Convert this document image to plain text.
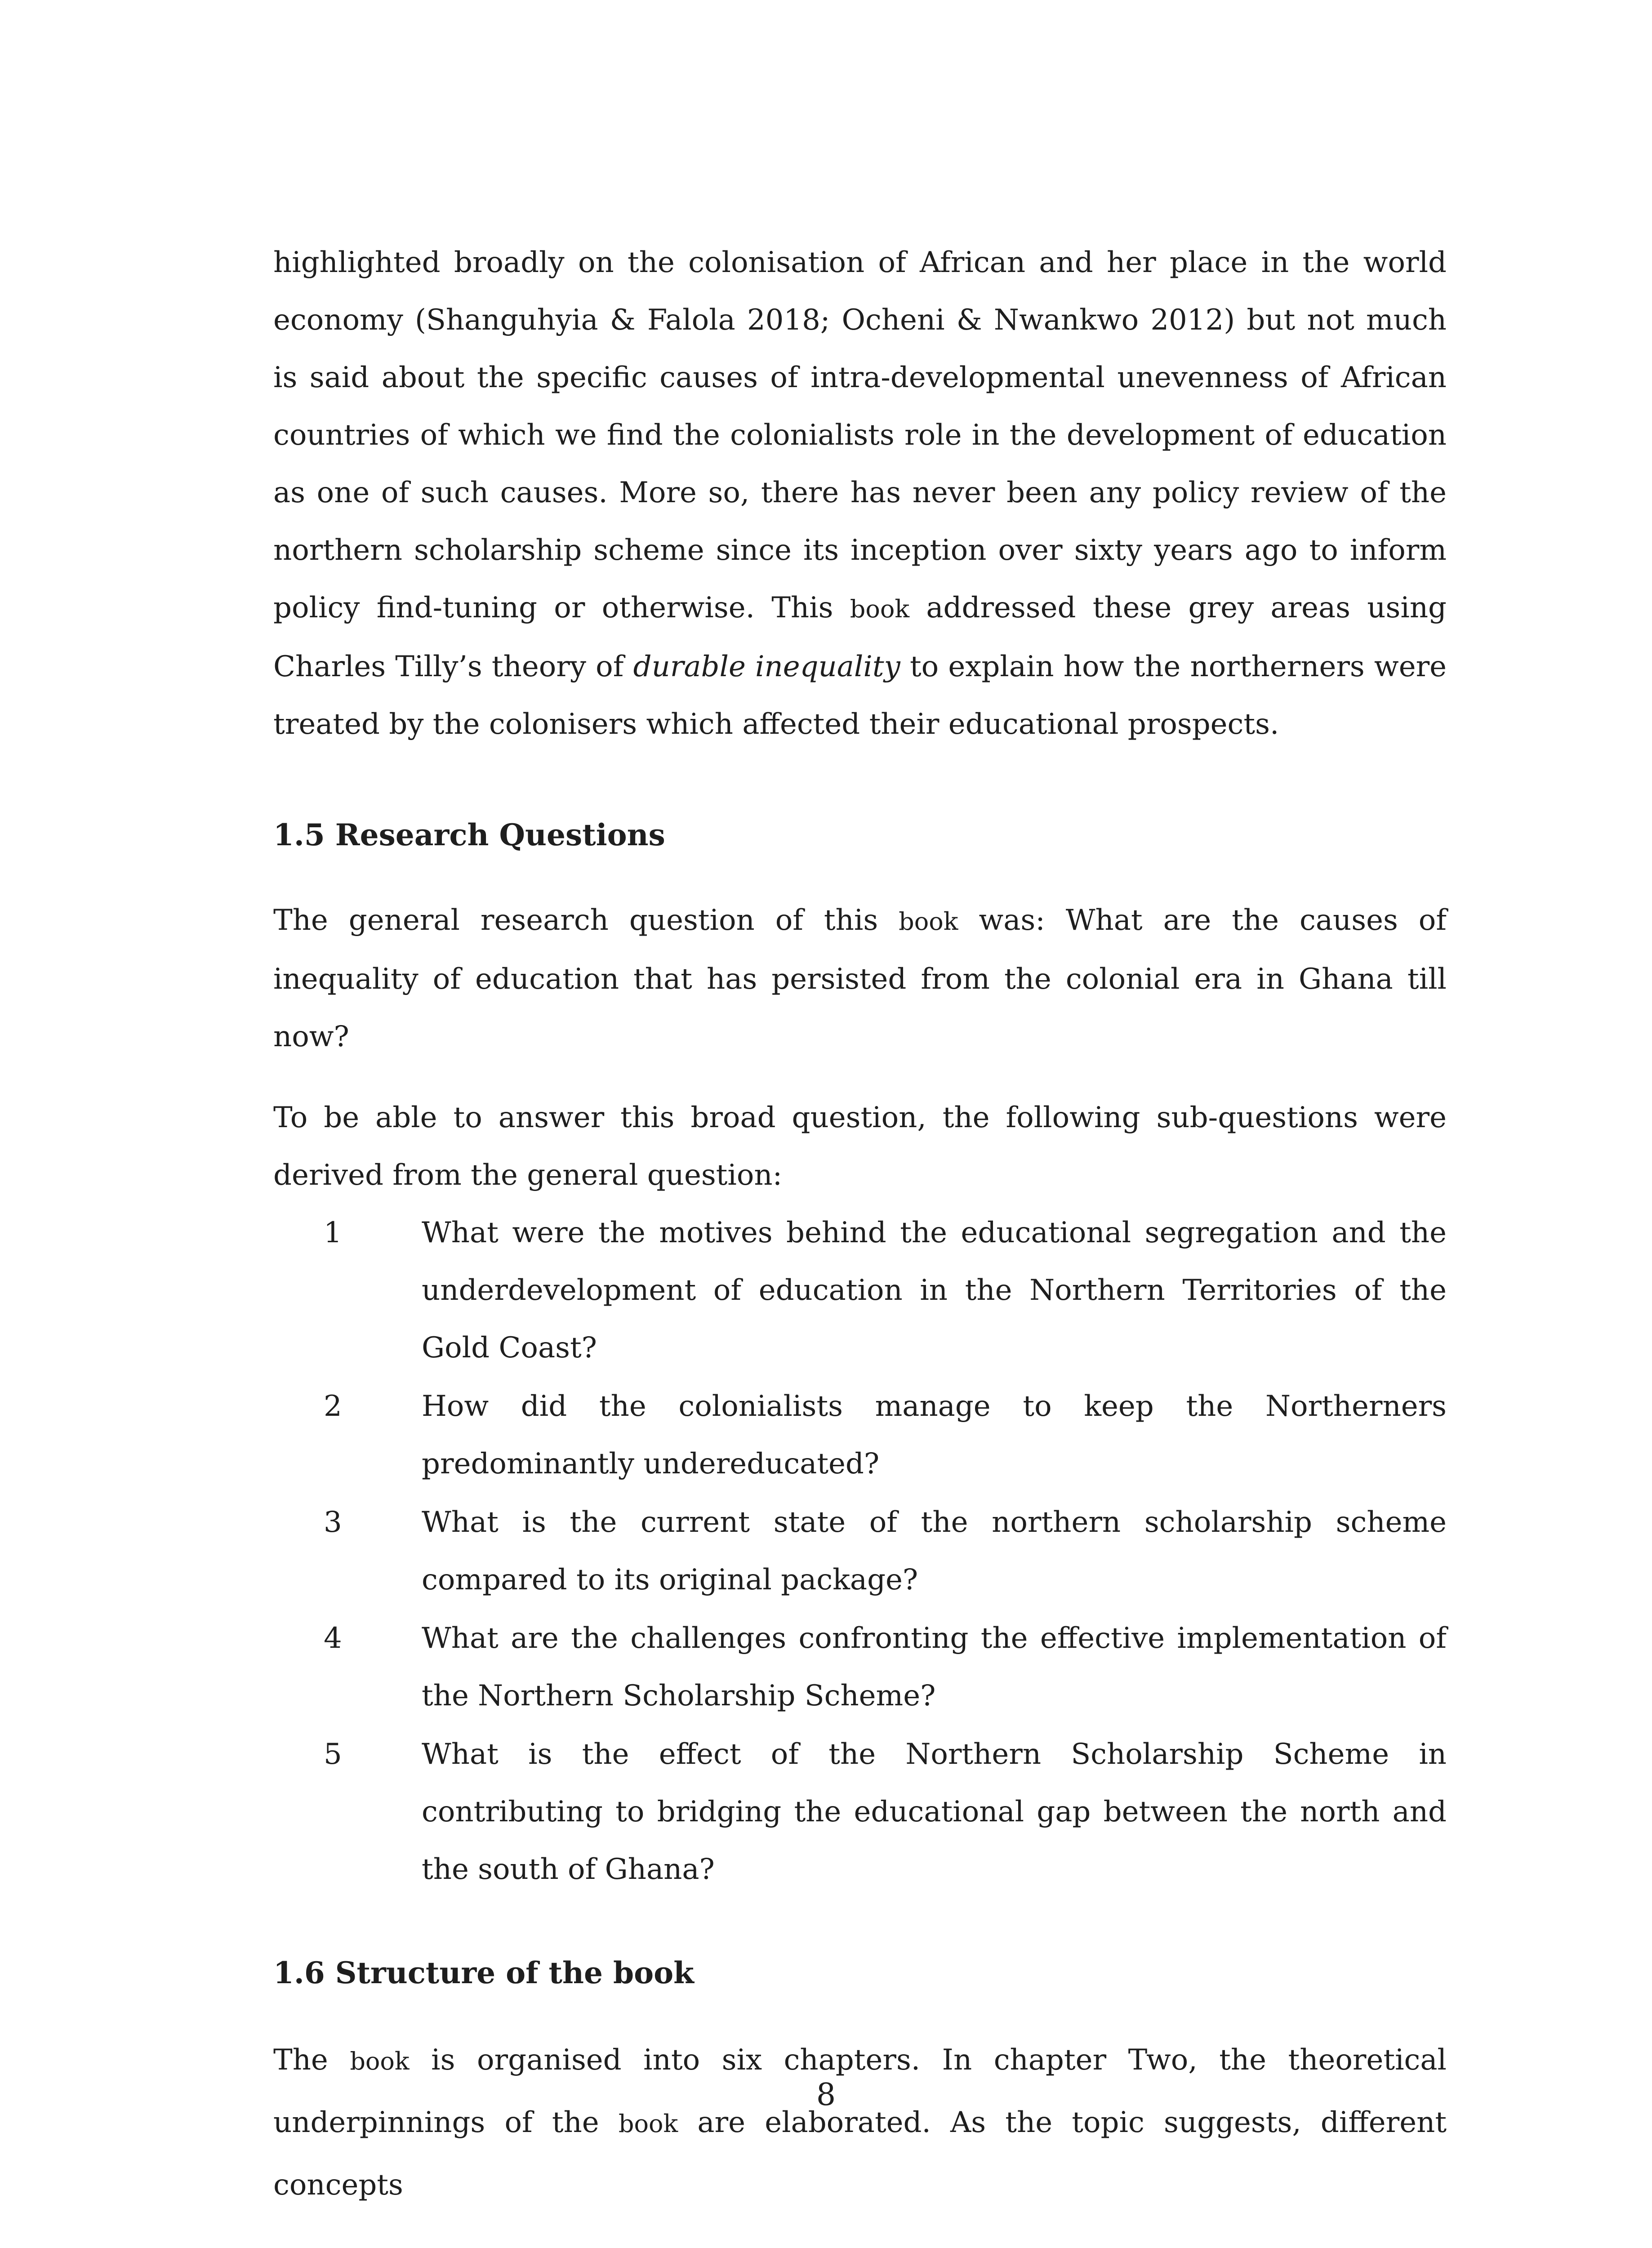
highlighted broadly on the colonisation of African and her place in the world economy (Shanguhyia & Falola 2018; Ocheni & Nwankwo 2012) but not much is said about the specific causes of intra-developmental unevenness of African countries of which we find the colonialists role in the development of education as one of such causes. More so, there has never been any policy review of the northern scholarship scheme since its inception over sixty years ago to inform policy find-tuning or otherwise. This book addressed these grey areas using Charles Tilly’s theory of durable inequality to explain how the northerners were treated by the colonisers which affected their educational prospects.

1.5 Research Questions

The general research question of this book was: What are the causes of inequality of education that has persisted from the colonial era in Ghana till now?

To be able to answer this broad question, the following sub-questions were derived from the general question:

1	What were the motives behind the educational segregation and the underdevelopment of education in the Northern Territories of the Gold Coast?
2	How did the colonialists manage to keep the Northerners predominantly undereducated?
3	What is the current state of the northern scholarship scheme compared to its original package?
4	What are the challenges confronting the effective implementation of the Northern Scholarship Scheme?
5	What is the effect of the Northern Scholarship Scheme in contributing to bridging the educational gap between the north and the south of Ghana?
1.6 Structure of the book

The book is organised into six chapters. In chapter Two, the theoretical underpinnings of the book are elaborated. As the topic suggests, different concepts

8
